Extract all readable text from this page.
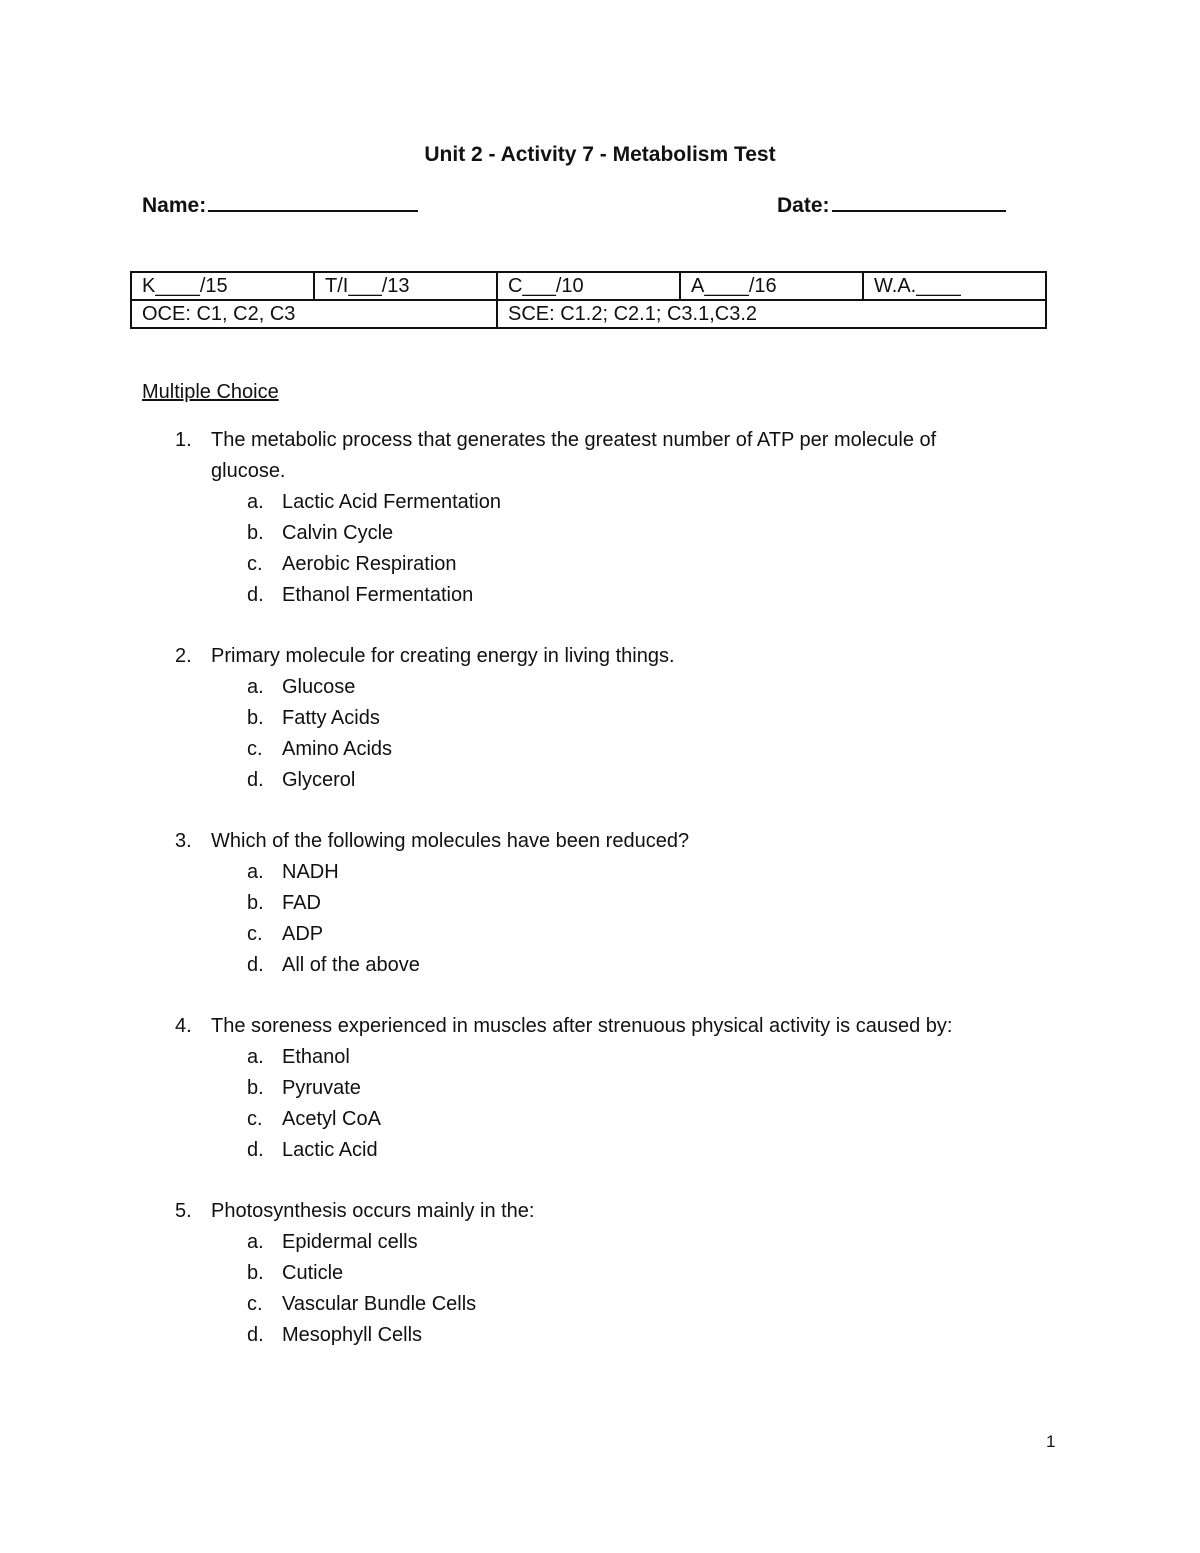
Unit 2 - Activity 7 - Metabolism Test
Name:	Date:
K____/15	T/I___/13	C___/10	A____/16	W.A.____
OCE: C1, C2, C3		SCE: C1.2; C2.1; C3.1,C3.2		
Multiple Choice
1. The metabolic process that generates the greatest number of ATP per molecule of glucose.
a. Lactic Acid Fermentation
b. Calvin Cycle
c. Aerobic Respiration
d. Ethanol Fermentation
2. Primary molecule for creating energy in living things.
a. Glucose
b. Fatty Acids
c. Amino Acids
d. Glycerol
3. Which of the following molecules have been reduced?
a. NADH
b. FAD
c. ADP
d. All of the above
4. The soreness experienced in muscles after strenuous physical activity is caused by:
a. Ethanol
b. Pyruvate
c. Acetyl CoA
d. Lactic Acid
5. Photosynthesis occurs mainly in the:
a. Epidermal cells
b. Cuticle
c. Vascular Bundle Cells
d. Mesophyll Cells
1
